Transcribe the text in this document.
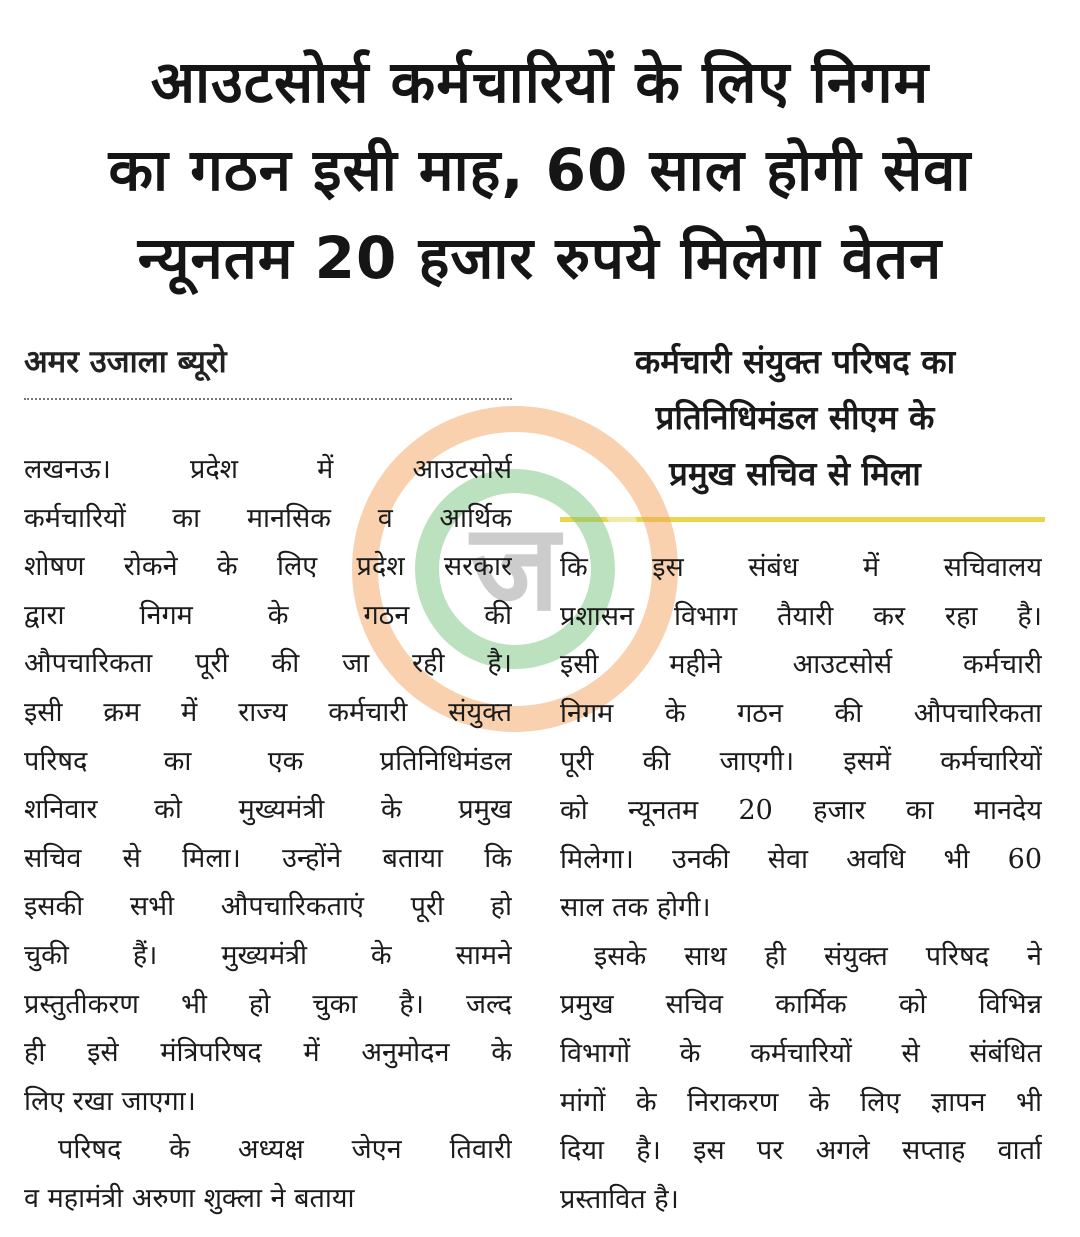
आउटसोर्स कर्मचारियों के लिए निगम
का गठन इसी माह, 60 साल होगी सेवा
न्यूनतम 20 हजार रुपये मिलेगा वेतन
अमर उजाला ब्यूरो	कर्मचारी संयुक्त परिषद का
प्रतिनिधिमंडल सीएम के
प्रमुख सचिव से मिला
ज
लखनऊ। प्रदेश में आउटसोर्स
कर्मचारियों का मानसिक व आर्थिक
शोषण रोकने के लिए प्रदेश सरकार
द्वारा निगम के गठन की
औपचारिकता पूरी की जा रही है।
इसी क्रम में राज्य कर्मचारी संयुक्त
परिषद का एक प्रतिनिधिमंडल
शनिवार को मुख्यमंत्री के प्रमुख
सचिव से मिला। उन्होंने बताया कि
इसकी सभी औपचारिकताएं पूरी हो
चुकी हैं। मुख्यमंत्री के सामने
प्रस्तुतीकरण भी हो चुका है। जल्द
ही इसे मंत्रिपरिषद में अनुमोदन के
लिए रखा जाएगा।
परिषद के अध्यक्ष जेएन तिवारी
व महामंत्री अरुणा शुक्ला ने बताया
कि इस संबंध में सचिवालय
प्रशासन विभाग तैयारी कर रहा है।
इसी महीने आउटसोर्स कर्मचारी
निगम के गठन की औपचारिकता
पूरी की जाएगी। इसमें कर्मचारियों
को न्यूनतम 20 हजार का मानदेय
मिलेगा। उनकी सेवा अवधि भी 60
साल तक होगी।
इसके साथ ही संयुक्त परिषद ने
प्रमुख सचिव कार्मिक को विभिन्न
विभागों के कर्मचारियों से संबंधित
मांगों के निराकरण के लिए ज्ञापन भी
दिया है। इस पर अगले सप्ताह वार्ता
प्रस्तावित है।
